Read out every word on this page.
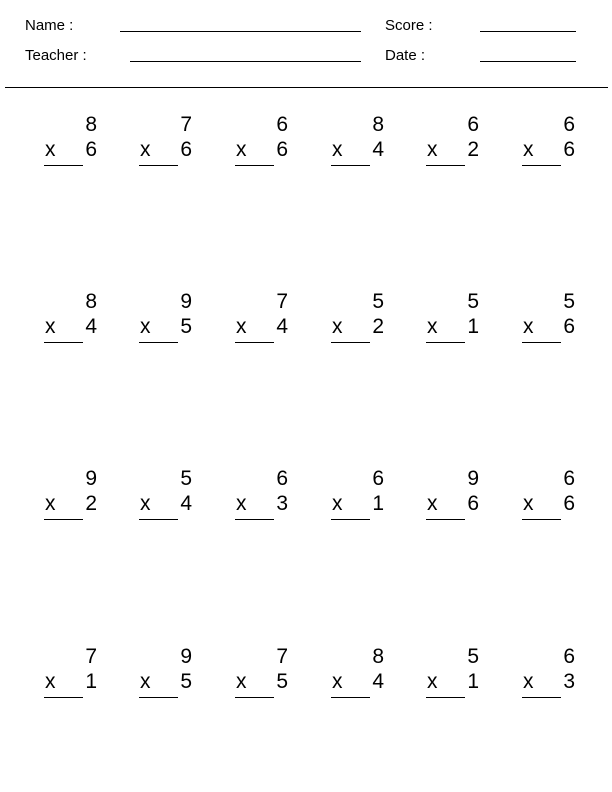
Name :	Score :
Teacher :	Date :
8
x 6
7
x 6
6
x 6
8
x 4
6
x 2
6
x 6
8
x 4
9
x 5
7
x 4
5
x 2
5
x 1
5
x 6
9
x 2
5
x 4
6
x 3
6
x 1
9
x 6
6
x 6
7
x 1
9
x 5
7
x 5
8
x 4
5
x 1
6
x 3
